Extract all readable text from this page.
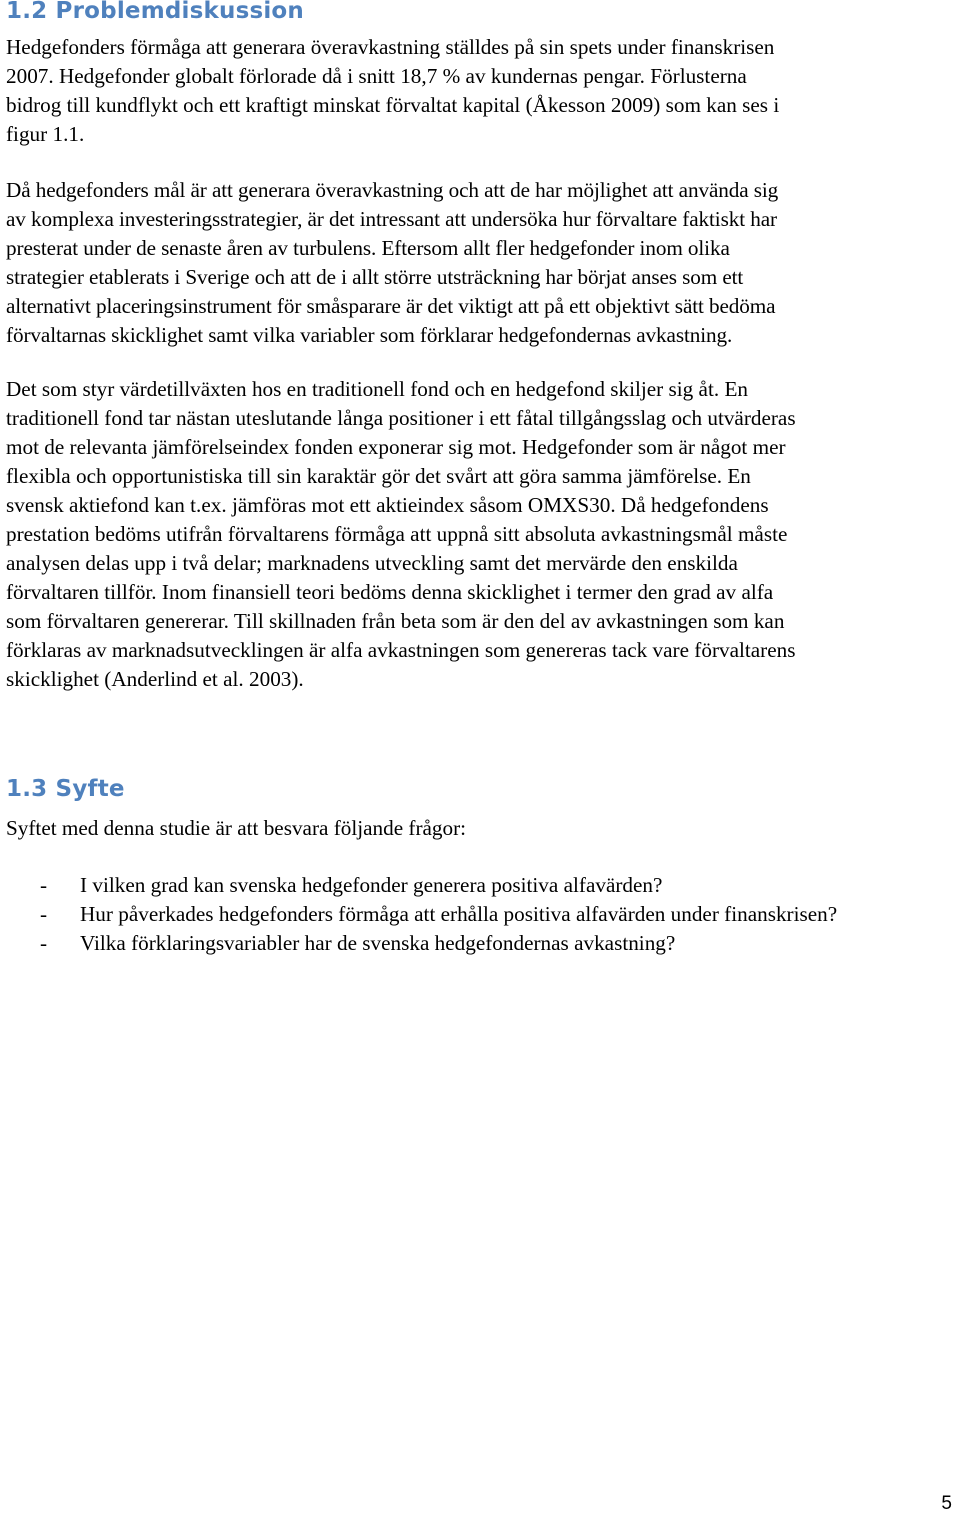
1.2 Problemdiskussion

Hedgefonders förmåga att generara överavkastning ställdes på sin spets under finanskrisen
2007. Hedgefonder globalt förlorade då i snitt 18,7 % av kundernas pengar. Förlusterna
bidrog till kundflykt och ett kraftigt minskat förvaltat kapital (Åkesson 2009) som kan ses i
figur 1.1.

Då hedgefonders mål är att generara överavkastning och att de har möjlighet att använda sig
av komplexa investeringsstrategier, är det intressant att undersöka hur förvaltare faktiskt har
presterat under de senaste åren av turbulens. Eftersom allt fler hedgefonder inom olika
strategier etablerats i Sverige och att de i allt större utsträckning har börjat anses som ett
alternativt placeringsinstrument för småsparare är det viktigt att på ett objektivt sätt bedöma
förvaltarnas skicklighet samt vilka variabler som förklarar hedgefondernas avkastning.

Det som styr värdetillväxten hos en traditionell fond och en hedgefond skiljer sig åt. En
traditionell fond tar nästan uteslutande långa positioner i ett fåtal tillgångsslag och utvärderas
mot de relevanta jämförelseindex fonden exponerar sig mot. Hedgefonder som är något mer
flexibla och opportunistiska till sin karaktär gör det svårt att göra samma jämförelse. En
svensk aktiefond kan t.ex. jämföras mot ett aktieindex såsom OMXS30. Då hedgefondens
prestation bedöms utifrån förvaltarens förmåga att uppnå sitt absoluta avkastningsmål måste
analysen delas upp i två delar; marknadens utveckling samt det mervärde den enskilda
förvaltaren tillför. Inom finansiell teori bedöms denna skicklighet i termer den grad av alfa
som förvaltaren genererar. Till skillnaden från beta som är den del av avkastningen som kan
förklaras av marknadsutvecklingen är alfa avkastningen som genereras tack vare förvaltarens
skicklighet (Anderlind et al. 2003).

1.3 Syfte

Syftet med denna studie är att besvara följande frågor:

- I vilken grad kan svenska hedgefonder generera positiva alfavärden?
- Hur påverkades hedgefonders förmåga att erhålla positiva alfavärden under finanskrisen?
- Vilka förklaringsvariabler har de svenska hedgefondernas avkastning?
5
